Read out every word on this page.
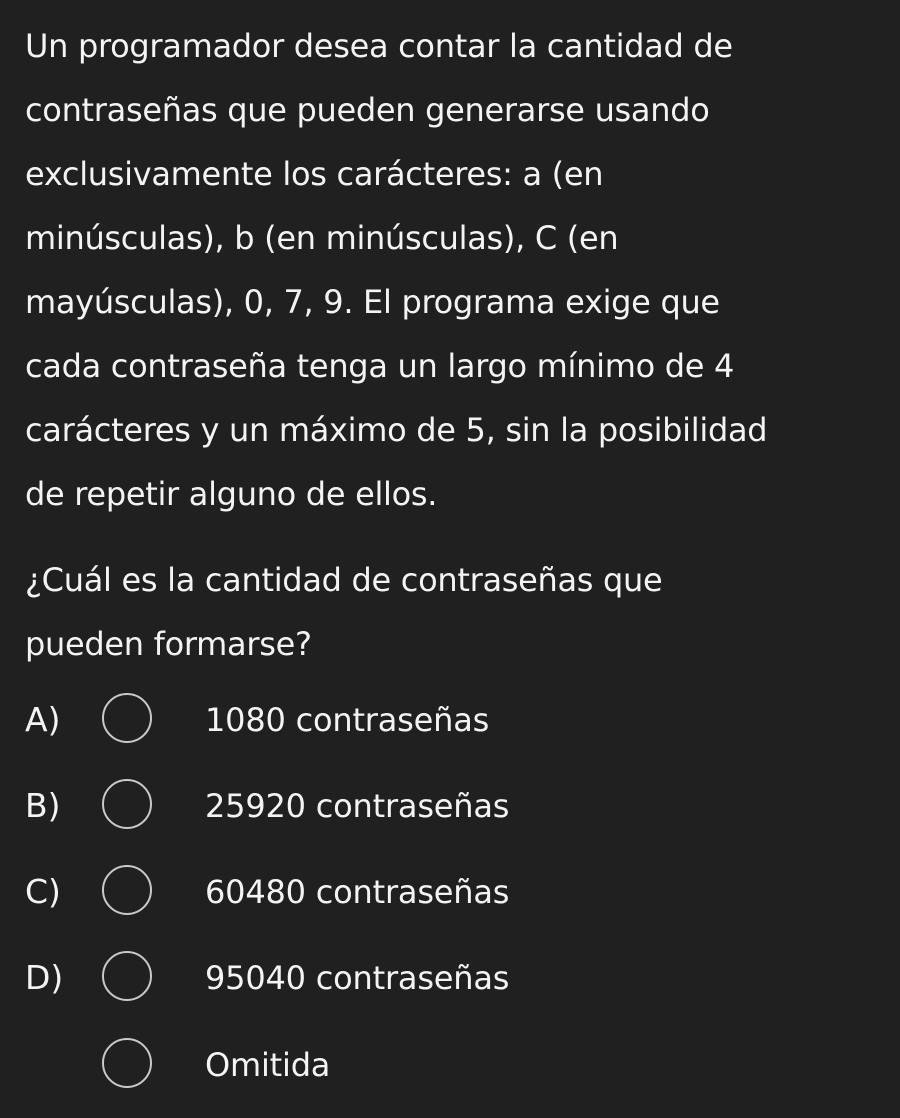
Un programador desea contar la cantidad de
contraseñas que pueden generarse usando
exclusivamente los carácteres: a (en
minúsculas), b (en minúsculas), C (en
mayúsculas), 0, 7, 9. El programa exige que
cada contraseña tenga un largo mínimo de 4
carácteres y un máximo de 5, sin la posibilidad
de repetir alguno de ellos.
¿Cuál es la cantidad de contraseñas que
pueden formarse?
A)	1080 contraseñas
B)	25920 contraseñas
C)	60480 contraseñas
D)	95040 contraseñas
Omitida
